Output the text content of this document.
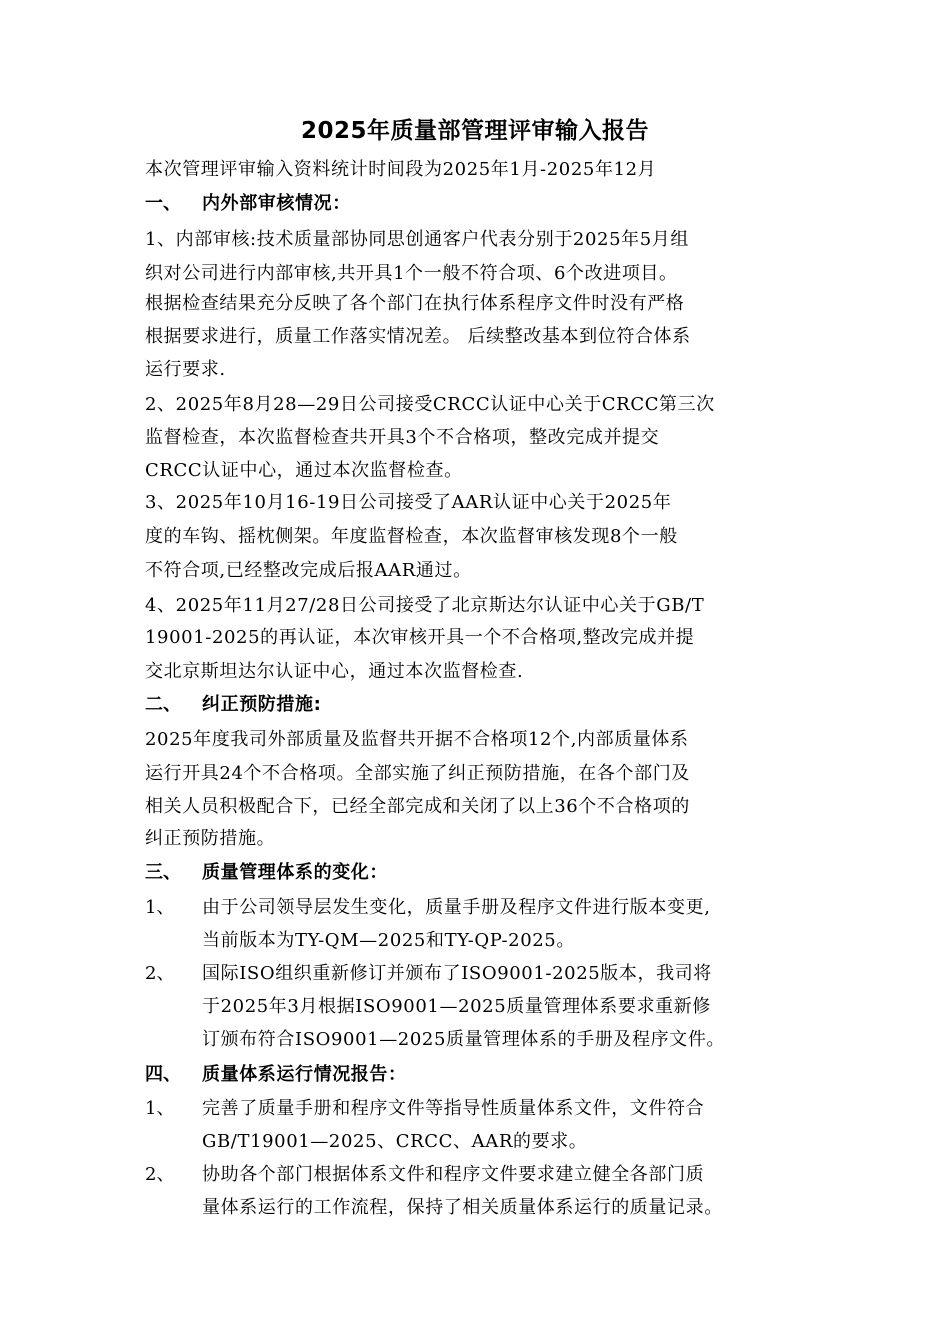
2025年质量部管理评审输入报告
本次管理评审输入资料统计时间段为2025年1月-2025年12月
一、 内外部审核情况：
1、内部审核:技术质量部协同思创通客户代表分别于2025年5月组
织对公司进行内部审核,共开具1个一般不符合项、6个改进项目。
根据检查结果充分反映了各个部门在执行体系程序文件时没有严格
根据要求进行，质量工作落实情况差。 后续整改基本到位符合体系
运行要求.
2、2025年8月28—29日公司接受CRCC认证中心关于CRCC第三次
监督检查，本次监督检查共开具3个不合格项，整改完成并提交
CRCC认证中心，通过本次监督检查。
3、2025年10月16-19日公司接受了AAR认证中心关于2025年
度的车钩、摇枕侧架。年度监督检查，本次监督审核发现8个一般
不符合项,已经整改完成后报AAR通过。
4、2025年11月27/28日公司接受了北京斯达尔认证中心关于GB/T
19001-2025的再认证，本次审核开具一个不合格项,整改完成并提
交北京斯坦达尔认证中心，通过本次监督检查.
二、 纠正预防措施:
2025年度我司外部质量及监督共开据不合格项12个,内部质量体系
运行开具24个不合格项。全部实施了纠正预防措施，在各个部门及
相关人员积极配合下，已经全部完成和关闭了以上36个不合格项的
纠正预防措施。
三、 质量管理体系的变化：
1、 由于公司领导层发生变化，质量手册及程序文件进行版本变更,
当前版本为TY-QM—2025和TY-QP-2025。
2、 国际ISO组织重新修订并颁布了ISO9001-2025版本，我司将
于2025年3月根据ISO9001—2025质量管理体系要求重新修
订颁布符合ISO9001—2025质量管理体系的手册及程序文件。
四、 质量体系运行情况报告：
1、 完善了质量手册和程序文件等指导性质量体系文件，文件符合
GB/T19001—2025、CRCC、AAR的要求。
2、 协助各个部门根据体系文件和程序文件要求建立健全各部门质
量体系运行的工作流程，保持了相关质量体系运行的质量记录。
